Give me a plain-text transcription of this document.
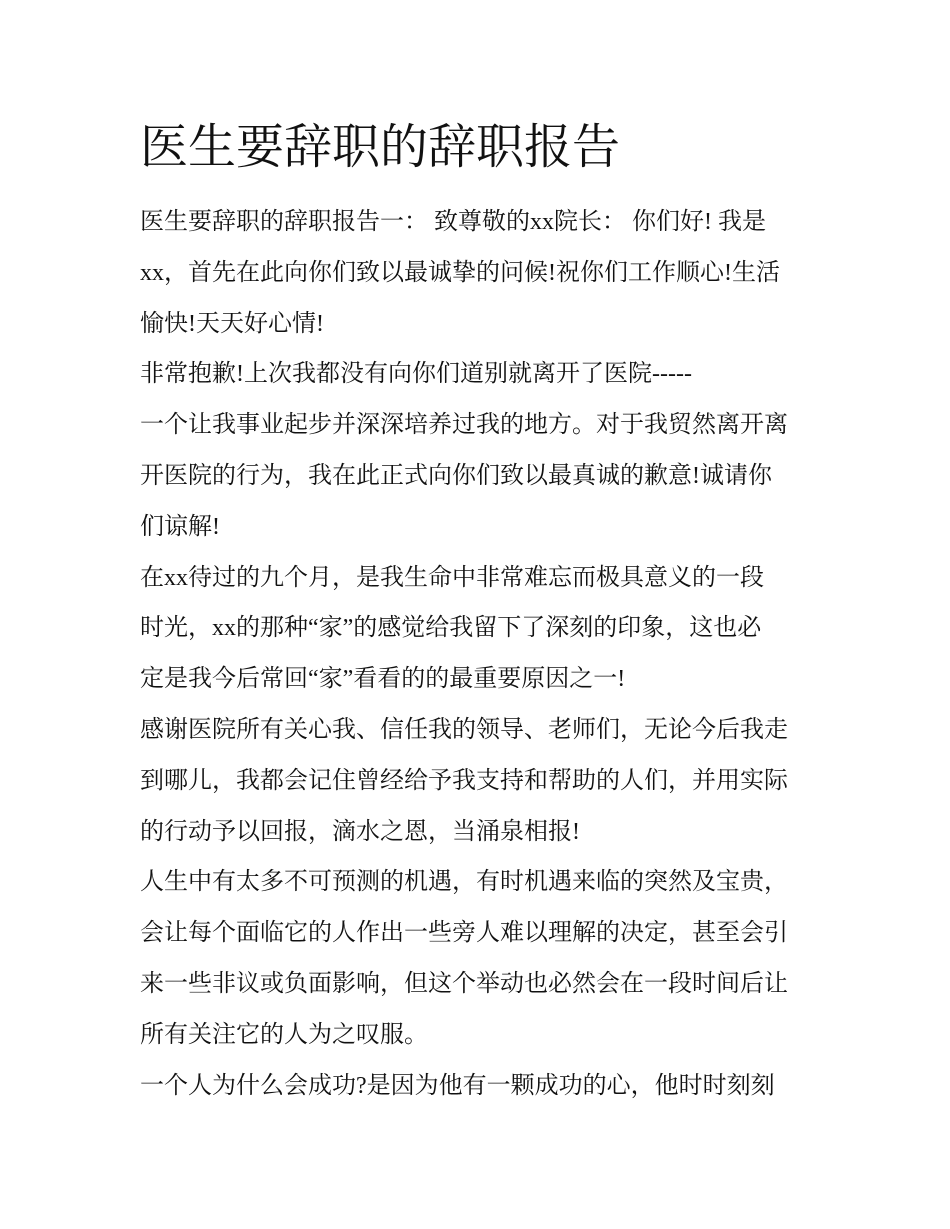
医生要辞职的辞职报告
医生要辞职的辞职报告一： 致尊敬的xx院长： 你们好! 我是
xx，首先在此向你们致以最诚挚的问候!祝你们工作顺心!生活
愉快!天天好心情!
非常抱歉!上次我都没有向你们道别就离开了医院-----
一个让我事业起步并深深培养过我的地方。对于我贸然离开离
开医院的行为，我在此正式向你们致以最真诚的歉意!诚请你
们谅解!
在xx待过的九个月，是我生命中非常难忘而极具意义的一段
时光，xx的那种“家”的感觉给我留下了深刻的印象，这也必
定是我今后常回“家”看看的的最重要原因之一!
感谢医院所有关心我、信任我的领导、老师们，无论今后我走
到哪儿，我都会记住曾经给予我支持和帮助的人们，并用实际
的行动予以回报，滴水之恩，当涌泉相报!
人生中有太多不可预测的机遇，有时机遇来临的突然及宝贵，
会让每个面临它的人作出一些旁人难以理解的决定，甚至会引
来一些非议或负面影响，但这个举动也必然会在一段时间后让
所有关注它的人为之叹服。
一个人为什么会成功?是因为他有一颗成功的心，他时时刻刻
